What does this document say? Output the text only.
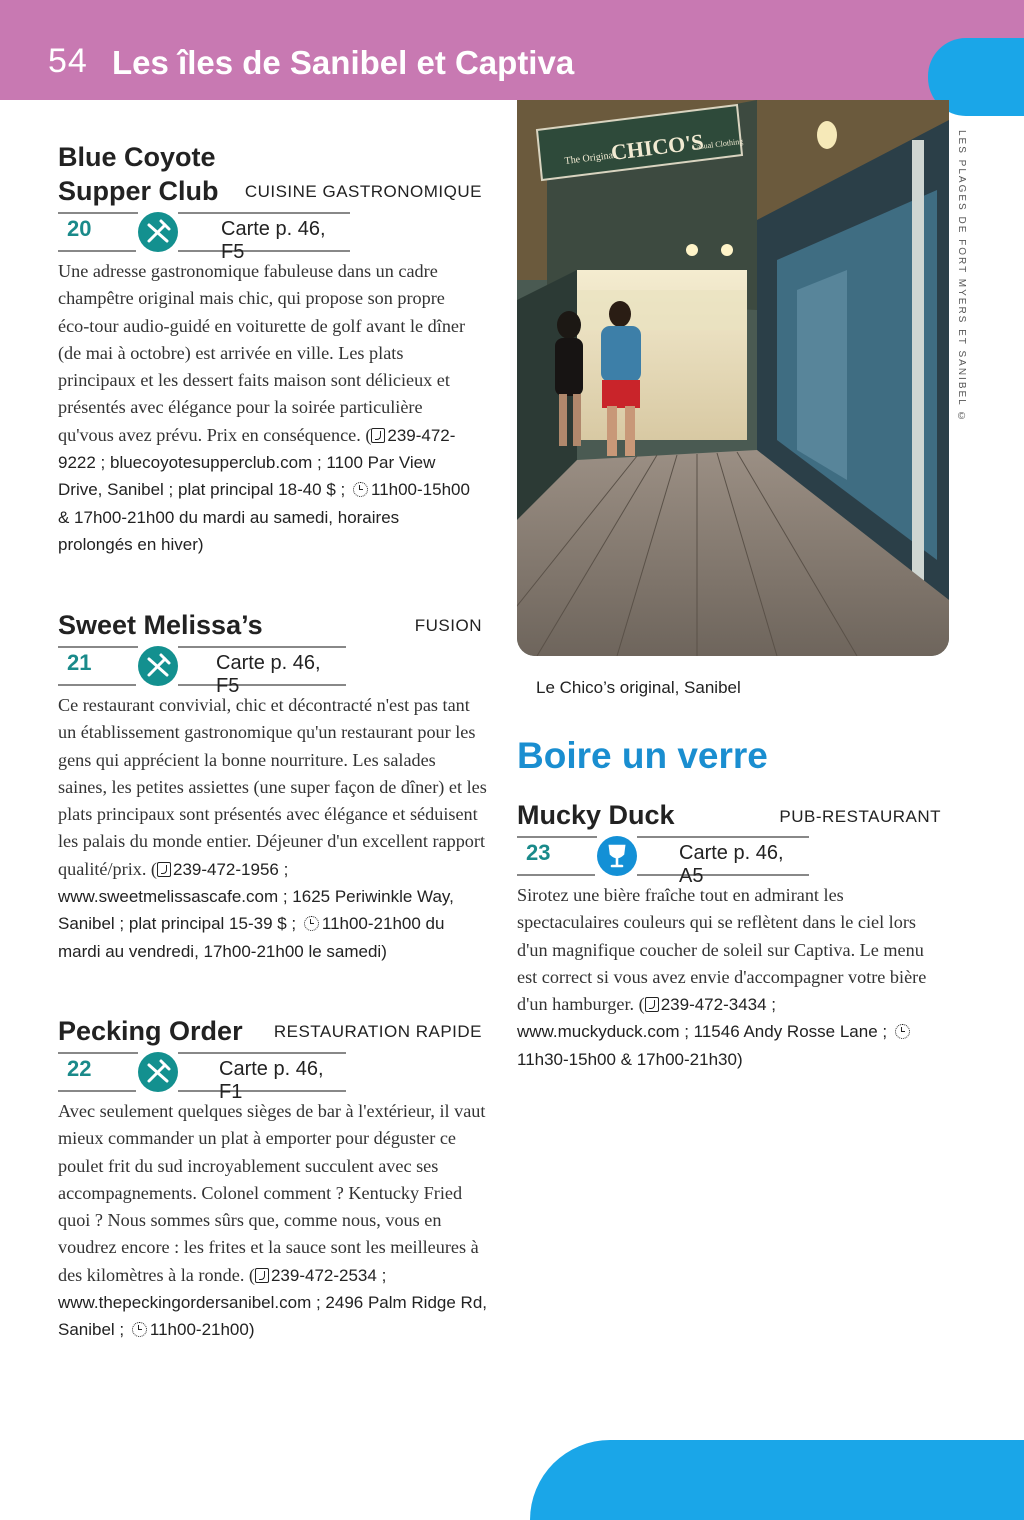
54 Les îles de Sanibel et Captiva
LES PLAGES DE FORT MYERS ET SANIBEL ©
Blue Coyote
Supper Club	CUISINE GASTRONOMIQUE
20	Carte p. 46, F5
Une adresse gastronomique fabuleuse dans un cadre champêtre original mais chic, qui propose son propre éco-tour audio-guidé en voiturette de golf avant le dîner (de mai à octobre) est arrivée en ville. Les plats principaux et les dessert faits maison sont délicieux et présentés avec élégance pour la soirée particulière qu'vous avez prévu. Prix en conséquence. ( 239-472-9222 ; bluecoyotesupperclub.com ; 1100 Par View Drive, Sanibel ; plat principal 18-40 $ ; 11h00-15h00 & 17h00-21h00 du mardi au samedi, horaires prolongés en hiver)
Sweet Melissa’s	FUSION
21	Carte p. 46, F5
Ce restaurant convivial, chic et décontracté n'est pas tant un établissement gastronomique qu'un restaurant pour les gens qui apprécient la bonne nourriture. Les salades saines, les petites assiettes (une super façon de dîner) et les plats principaux sont présentés avec élégance et séduisent les palais du monde entier. Déjeuner d'un excellent rapport qualité/prix. ( 239-472-1956 ; www.sweetmelissascafe.com ; 1625 Periwinkle Way, Sanibel ; plat principal 15-39 $ ; 11h00-21h00 du mardi au vendredi, 17h00-21h00 le samedi)
Pecking Order	RESTAURATION RAPIDE
22	Carte p. 46, F1
Avec seulement quelques sièges de bar à l'extérieur, il vaut mieux commander un plat à emporter pour déguster ce poulet frit du sud incroyablement succulent avec ses accompagnements. Colonel comment ? Kentucky Fried quoi ? Nous sommes sûrs que, comme nous, vous en voudrez encore : les frites et la sauce sont les meilleures à des kilomètres à la ronde. ( 239-472-2534 ; www.thepeckingordersanibel.com ; 2496 Palm Ridge Rd, Sanibel ; 11h00-21h00)
The Original
CHICO'S
Casual Clothing
Le Chico’s original, Sanibel
Boire un verre
Mucky Duck	PUB-RESTAURANT
23	Carte p. 46, A5
Sirotez une bière fraîche tout en admirant les spectaculaires couleurs qui se reflètent dans le ciel lors d'un magnifique coucher de soleil sur Captiva. Le menu est correct si vous avez envie d'accompagner votre bière d'un hamburger. ( 239-472-3434 ; www.muckyduck.com ; 11546 Andy Rosse Lane ; 11h30-15h00 & 17h00-21h30)
